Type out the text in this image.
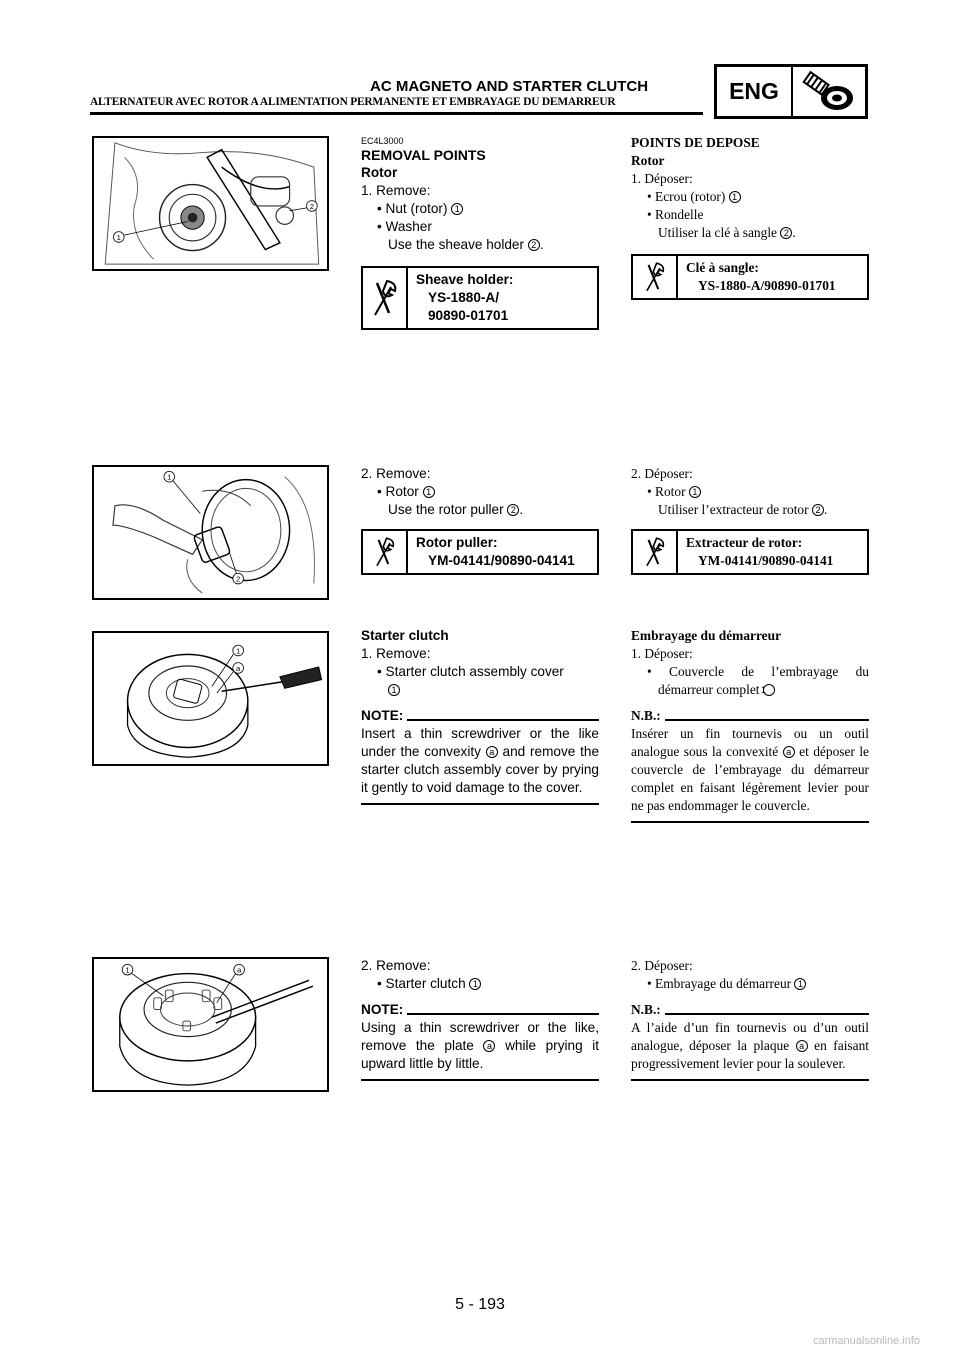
AC MAGNETO AND STARTER CLUTCH
ALTERNATEUR AVEC ROTOR A ALIMENTATION PERMANENTE ET EMBRAYAGE DU DEMARREUR	ENG
1
2
1
2
1
a
1	a
EC4L3000
REMOVAL POINTS
Rotor
1. Remove:
• Nut (rotor) 1
• Washer
Use the sheave holder 2 .
Sheave holder:
YS-1880-A/
90890-01701
2. Remove:
• Rotor 1
Use the rotor puller 2 .
Rotor puller:
YM-04141/90890-04141
Starter clutch
1. Remove:
• Starter clutch assembly cover
1
NOTE:
Insert a thin screwdriver or the like under the convexity a and remove the starter clutch assembly cover by prying it gently to void damage to the cover.
2. Remove:
• Starter clutch 1
NOTE:
Using a thin screwdriver or the like, remove the plate a while prying it upward little by little.
POINTS DE DEPOSE
Rotor
1. Déposer:
• Ecrou (rotor) 1
• Rondelle
Utiliser la clé à sangle 2 .
Clé à sangle:
YS-1880-A/90890-01701
2. Déposer:
• Rotor 1
Utiliser l’extracteur de rotor 2 .
Extracteur de rotor:
YM-04141/90890-04141
Embrayage du démarreur
1. Déposer:
• Couvercle de l’embrayage du démarreur complet 1
N.B.:
Insérer un fin tournevis ou un outil analogue sous la convexité a et déposer le couvercle de l’embrayage du démarreur complet en faisant légèrement levier pour ne pas endommager le couvercle.
2. Déposer:
• Embrayage du démarreur 1
N.B.:
A l’aide d’un fin tournevis ou d’un outil analogue, déposer la plaque a en faisant progressivement levier pour la soulever.
5 - 193
carmanualsonline.info
